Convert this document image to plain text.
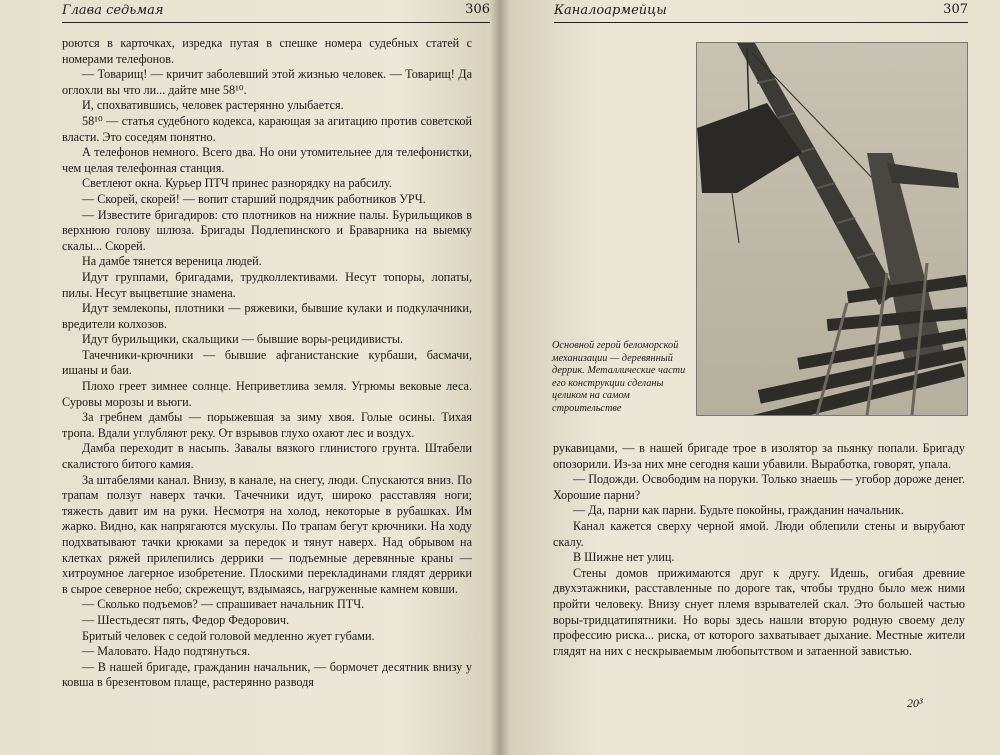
Глава седьмая	306

роются в карточках, изредка путая в спешке номера судебных статей с номерами телефонов.

— Товарищ! — кричит заболевший этой жизнью человек. — Товарищ! Да оглохли вы что ли... дайте мне 58¹⁰.

И, спохватившись, человек растерянно улыбается.

58¹⁰ — статья судебного кодекса, карающая за агитацию против советской власти. Это соседям понятно.

А телефонов немного. Всего два. Но они утомительнее для телефонистки, чем целая телефонная станция.

Светлеют окна. Курьер ПТЧ принес разнорядку на рабсилу.

— Скорей, скорей! — вопит старший подрядчик работников УРЧ.

— Известите бригадиров: сто плотников на нижние палы. Бурильщиков в верхнюю голову шлюза. Бригады Подлепинского и Браварника на выемку скалы... Скорей.

На дамбе тянется вереница людей.

Идут группами, бригадами, трудколлективами. Несут топоры, лопаты, пилы. Несут выцветшие знамена.

Идут землекопы, плотники — ряжевики, бывшие кулаки и подкулачники, вредители колхозов.

Идут бурильщики, скальщики — бывшие воры-рецидивисты.

Тачечники-крючники — бывшие афганистанские курбаши, басмачи, ишаны и баи.

Плохо греет зимнее солнце. Неприветлива земля. Угрюмы вековые леса. Суровы морозы и вьюги.

За гребнем дамбы — порыжевшая за зиму хвоя. Голые осины. Тихая тропа. Вдали углубляют реку. От взрывов глухо охают лес и воздух.

Дамба переходит в насыпь. Завалы вязкого глинистого грунта. Штабели скалистого битого камия.

За штабелями канал. Внизу, в канале, на снегу, люди. Спускаются вниз. По трапам ползут наверх тачки. Тачечники идут, широко расставляя ноги; тяжесть давит им на руки. Несмотря на холод, некоторые в рубашках. Им жарко. Видно, как напрягаются мускулы. По трапам бегут крючники. На ходу подхватывают тачки крюками за передок и тянут наверх. Над обрывом на клетках ряжей прилепились деррики — подъемные деревянные краны — хитроумное лагерное изобретение. Плоскими перекладинами глядят деррики в сырое северное небо; скрежещут, вздымаясь, нагруженные камнем ковши.

— Сколько подъемов? — спрашивает начальник ПТЧ.

— Шестьдесят пять, Федор Федорович.

Бритый человек с седой головой медленно жует губами.

— Маловато. Надо подтянуться.

— В нашей бригаде, гражданин начальник, — бормочет десятник внизу у ковша в брезентовом плаще, растерянно разводя

Каналоармейцы	307
Основной герой беломорской механизации — деревянный деррик. Металлические части его конструкции сделаны целиком на самом строительстве

рукавицами, — в нашей бригаде трое в изолятор за пьянку попали. Бригаду опозорили. Из-за них мне сегодня каши убавили. Выработка, говорят, упала.

— Подожди. Освободим на поруки. Только знаешь — угобор дороже денег. Хорошие парни?

— Да, парни как парни. Будьте покойны, гражданин начальник.

Канал кажется сверху черной ямой. Люди облепили стены и вырубают скалу.

В Шижне нет улиц.

Стены домов прижимаются друг к другу. Идешь, огибая древние двухэтажники, расставленные по дороге так, чтобы трудно было меж ними пройти человеку. Внизу снует племя взрывателей скал. Это большей частью воры-тридцатипятники. Но воры здесь нашли вторую родную своему делу профессию риска... риска, от которого захватывает дыхание. Местные жители глядят на них с нескрываемым любопытством и затаенной завистью.

20³
